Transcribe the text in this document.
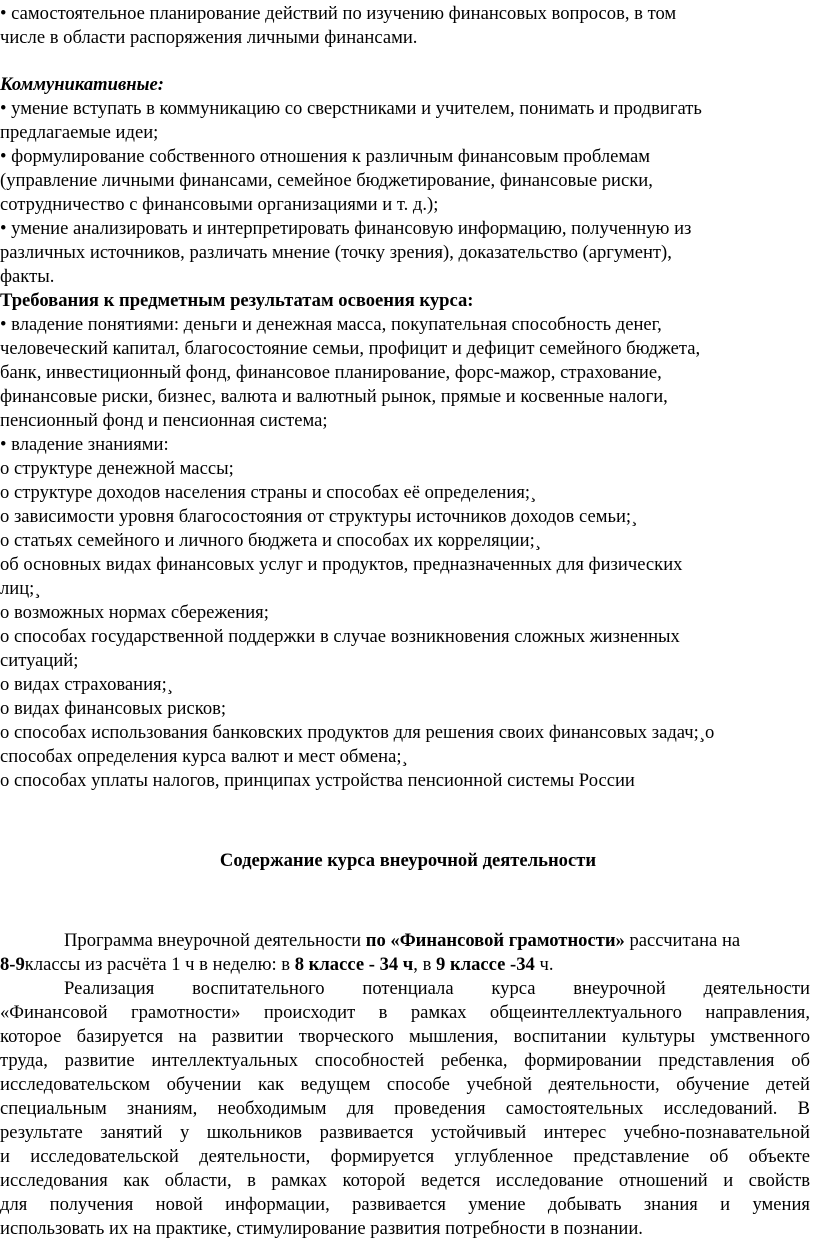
• самостоятельное планирование действий по изучению финансовых вопросов, в том
числе в области распоряжения личными финансами.
Коммуникативные:
• умение вступать в коммуникацию со сверстниками и учителем, понимать и продвигать
предлагаемые идеи;
• формулирование собственного отношения к различным финансовым проблемам
(управление личными финансами, семейное бюджетирование, финансовые риски,
сотрудничество с финансовыми организациями и т. д.);
• умение анализировать и интерпретировать финансовую информацию, полученную из
различных источников, различать мнение (точку зрения), доказательство (аргумент),
факты.
Требования к предметным результатам освоения курса:
• владение понятиями: деньги и денежная масса, покупательная способность денег,
человеческий капитал, благосостояние семьи, профицит и дефицит семейного бюджета,
банк, инвестиционный фонд, финансовое планирование, форс-мажор, страхование,
финансовые риски, бизнес, валюта и валютный рынок, прямые и косвенные налоги,
пенсионный фонд и пенсионная система;
• владение знаниями:
о структуре денежной массы;
о структуре доходов населения страны и способах её определения;¸
о зависимости уровня благосостояния от структуры источников доходов семьи;¸
о статьях семейного и личного бюджета и способах их корреляции;¸
об основных видах финансовых услуг и продуктов, предназначенных для физических
лиц;¸
о возможных нормах сбережения;
о способах государственной поддержки в случае возникновения сложных жизненных
ситуаций;
о видах страхования;¸
о видах финансовых рисков;
о способах использования банковских продуктов для решения своих финансовых задач;¸о
способах определения курса валют и мест обмена;¸
о способах уплаты налогов, принципах устройства пенсионной системы России
Содержание курса внеурочной деятельности
Программа внеурочной деятельности по «Финансовой грамотности» рассчитана на
8-9классы из расчёта 1 ч в неделю: в 8 классе - 34 ч, в 9 классе -34 ч.
Реализация воспитательного потенциала курса внеурочной деятельности
«Финансовой грамотности» происходит в рамках общеинтеллектуального направления,
которое базируется на развитии творческого мышления, воспитании культуры умственного
труда, развитие интеллектуальных способностей ребенка, формировании представления об
исследовательском обучении как ведущем способе учебной деятельности, обучение детей
специальным знаниям, необходимым для проведения самостоятельных исследований. В
результате занятий у школьников развивается устойчивый интерес учебно-познавательной
и исследовательской деятельности, формируется углубленное представление об объекте
исследования как области, в рамках которой ведется исследование отношений и свойств
для получения новой информации, развивается умение добывать знания и умения
использовать их на практике, стимулирование развития потребности в познании.
